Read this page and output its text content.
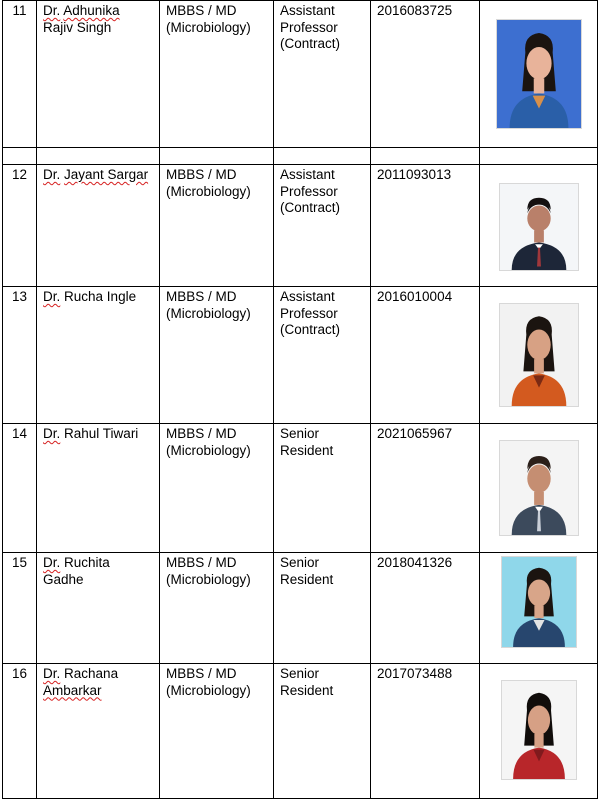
11	Dr. Adhunika
Rajiv Singh	MBBS / MD
(Microbiology)	Assistant
Professor
(Contract)	2016083725	

12	Dr. Jayant Sargar	MBBS / MD
(Microbiology)	Assistant
Professor
(Contract)	2011093013	

13	Dr. Rucha Ingle	MBBS / MD
(Microbiology)	Assistant
Professor
(Contract)	2016010004	

14	Dr. Rahul Tiwari	MBBS / MD
(Microbiology)	Senior
Resident	2021065967	

15	Dr. Ruchita
Gadhe	MBBS / MD
(Microbiology)	Senior
Resident	2018041326	

16	Dr. Rachana
Ambarkar	MBBS / MD
(Microbiology)	Senior
Resident	2017073488	
